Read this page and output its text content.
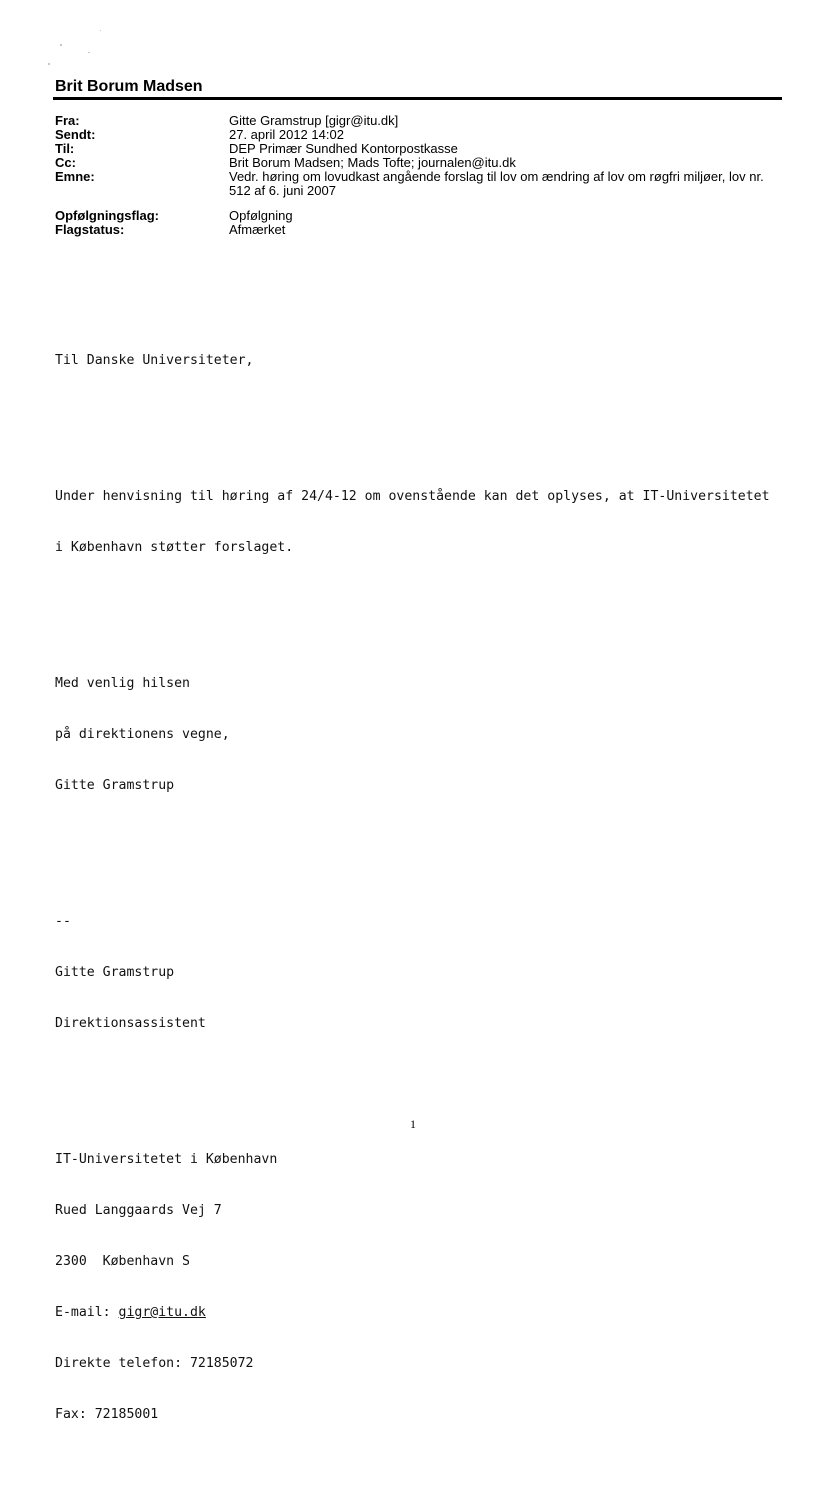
Brit Borum Madsen
Fra:	Gitte Gramstrup [gigr@itu.dk]
Sendt:	27. april 2012 14:02
Til:	DEP Primær Sundhed Kontorpostkasse
Cc:	Brit Borum Madsen; Mads Tofte; journalen@itu.dk
Emne:	Vedr. høring om lovudkast angående forslag til lov om ændring af lov om røgfri miljøer, lov nr. 512 af 6. juni 2007
Opfølgningsflag:	Opfølgning
Flagstatus:	Afmærket

Til Danske Universiteter,

Under henvisning til høring af 24/4-12 om ovenstående kan det oplyses, at IT-Universitetet

i København støtter forslaget.

Med venlig hilsen

på direktionens vegne,

Gitte Gramstrup

--

Gitte Gramstrup

Direktionsassistent

IT-Universitetet i København

Rued Langgaards Vej 7

2300  København S

E-mail: gigr@itu.dk

Direkte telefon: 72185072

Fax: 72185001

1
